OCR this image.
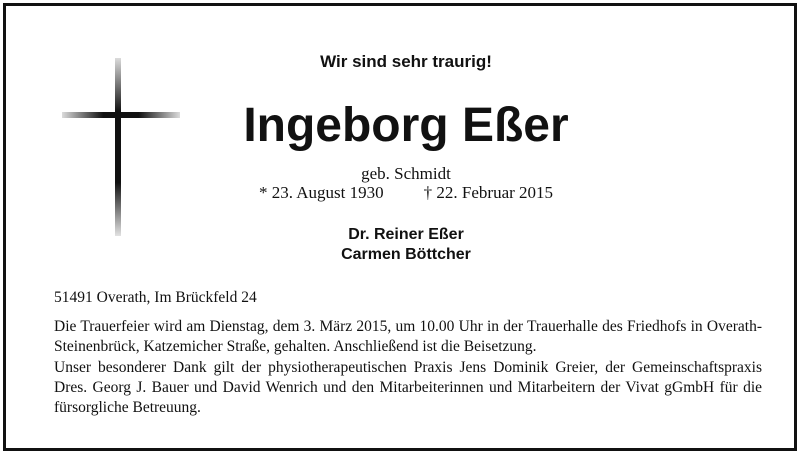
Wir sind sehr traurig!
Ingeborg Eßer
geb. Schmidt
* 23. August 1930 † 22. Februar 2015
Dr. Reiner Eßer
Carmen Böttcher
51491 Overath, Im Brückfeld 24
Die Trauerfeier wird am Dienstag, dem 3. März 2015, um 10.00 Uhr in der Trauerhalle des Friedhofs in Overath-Steinenbrück, Katzemicher Straße, gehalten. Anschließend ist die Beisetzung.
Unser besonderer Dank gilt der physiotherapeutischen Praxis Jens Dominik Greier, der Gemeinschaftspraxis Dres. Georg J. Bauer und David Wenrich und den Mitarbeiterinnen und Mitarbeitern der Vivat gGmbH für die fürsorgliche Betreuung.
